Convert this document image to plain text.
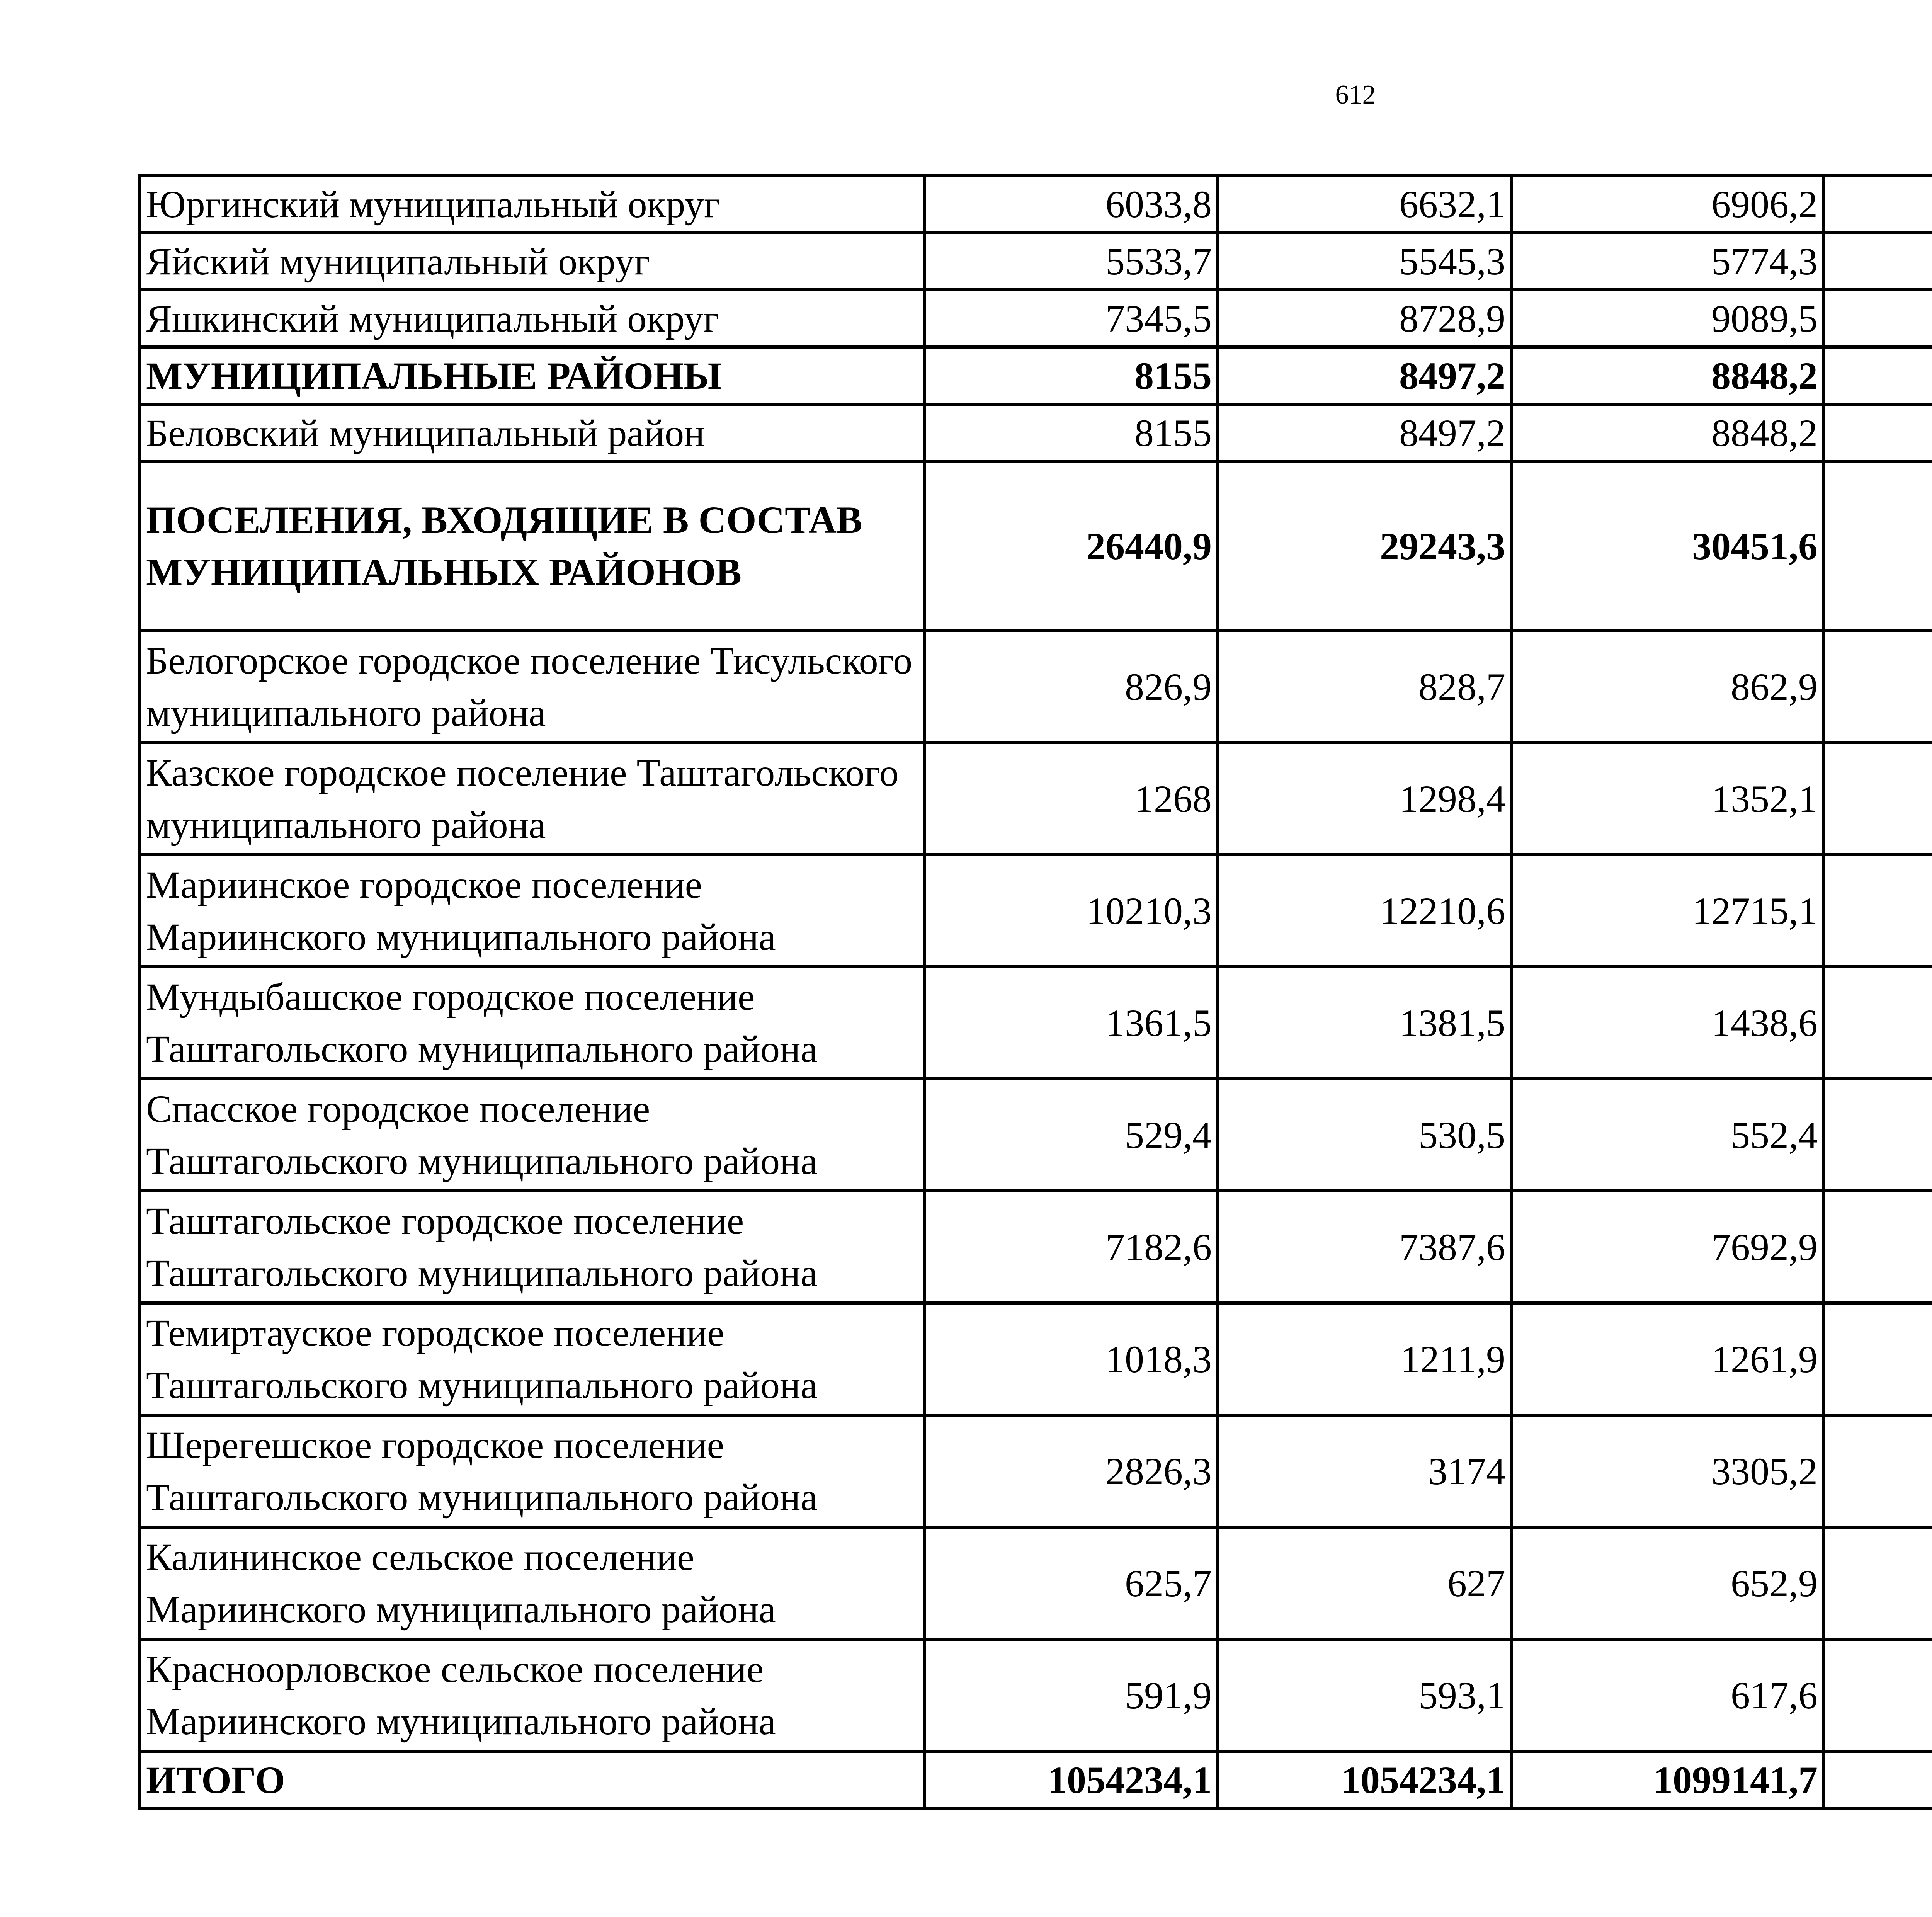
612
Юргинский муниципальный округ	6033,8	6632,1	6906,2		
Яйский муниципальный округ	5533,7	5545,3	5774,3		
Яшкинский муниципальный округ	7345,5	8728,9	9089,5		
МУНИЦИПАЛЬНЫЕ РАЙОНЫ	8155	8497,2	8848,2		
Беловский муниципальный район	8155	8497,2	8848,2		
ПОСЕЛЕНИЯ, ВХОДЯЩИЕ В СОСТАВ МУНИЦИПАЛЬНЫХ РАЙОНОВ	26440,9	29243,3	30451,6		
Белогорское городское поселение Тисульского муниципального района	826,9	828,7	862,9		
Казское городское поселение Таштагольского муниципального района	1268	1298,4	1352,1		
Мариинское городское поселение Мариинского муниципального района	10210,3	12210,6	12715,1		
Мундыбашское городское поселение Таштагольского муниципального района	1361,5	1381,5	1438,6		
Спасское городское поселение Таштагольского муниципального района	529,4	530,5	552,4		
Таштагольское городское поселение Таштагольского муниципального района	7182,6	7387,6	7692,9		
Темиртауское городское поселение Таштагольского муниципального района	1018,3	1211,9	1261,9		
Шерегешское городское поселение Таштагольского муниципального района	2826,3	3174	3305,2		
Калининское сельское поселение Мариинского муниципального района	625,7	627	652,9		
Красноорловское сельское поселение Мариинского муниципального района	591,9	593,1	617,6		
ИТОГО	1054234,1	1054234,1	1099141,7		
